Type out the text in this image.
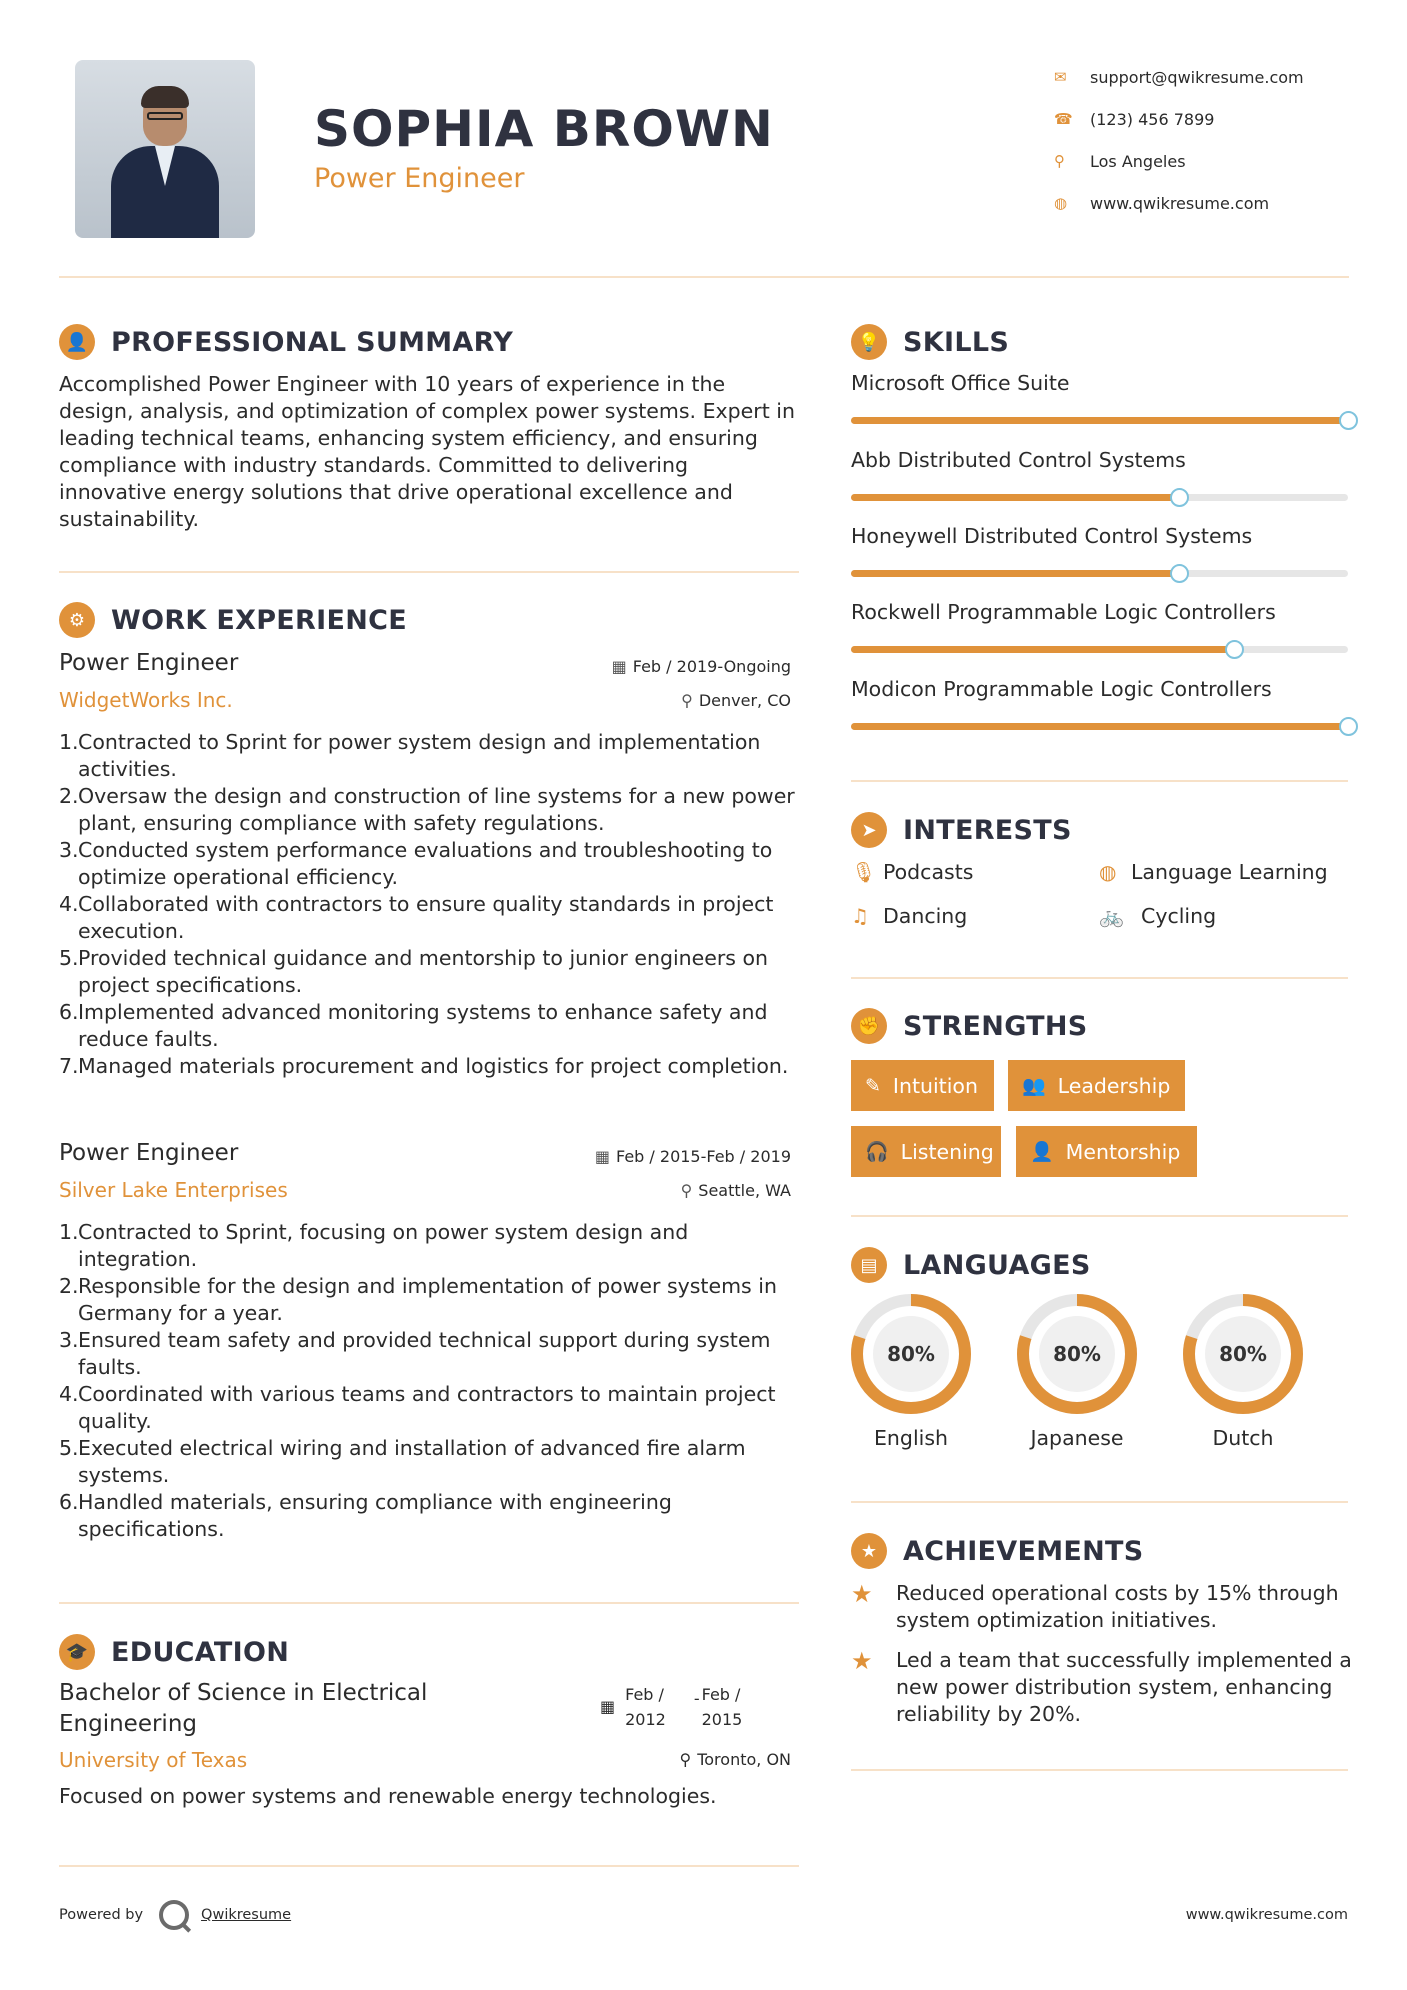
SOPHIA BROWN
Power Engineer
✉	support@qwikresume.com
☎	(123) 456 7899
⚲	Los Angeles
◍	www.qwikresume.com
👤 PROFESSIONAL SUMMARY
Accomplished Power Engineer with 10 years of experience in the design, analysis, and optimization of complex power systems. Expert in leading technical teams, enhancing system efficiency, and ensuring compliance with industry standards. Committed to delivering innovative energy solutions that drive operational excellence and sustainability.
⚙ WORK EXPERIENCE
Power Engineer	▦ Feb / 2019-Ongoing
WidgetWorks Inc.	⚲ Denver, CO
1. Contracted to Sprint for power system design and implementation activities.
2. Oversaw the design and construction of line systems for a new power plant, ensuring compliance with safety regulations.
3. Conducted system performance evaluations and troubleshooting to optimize operational efficiency.
4. Collaborated with contractors to ensure quality standards in project execution.
5. Provided technical guidance and mentorship to junior engineers on project specifications.
6. Implemented advanced monitoring systems to enhance safety and reduce faults.
7. Managed materials procurement and logistics for project completion.
Power Engineer	▦ Feb / 2015-Feb / 2019
Silver Lake Enterprises	⚲ Seattle, WA
1. Contracted to Sprint, focusing on power system design and integration.
2. Responsible for the design and implementation of power systems in Germany for a year.
3. Ensured team safety and provided technical support during system faults.
4. Coordinated with various teams and contractors to maintain project quality.
5. Executed electrical wiring and installation of advanced fire alarm systems.
6. Handled materials, ensuring compliance with engineering specifications.
🎓 EDUCATION
Bachelor of Science in Electrical Engineering
▦
Feb /
2012
- Feb /
2015
University of Texas	⚲ Toronto, ON
Focused on power systems and renewable energy technologies.
💡 SKILLS
Microsoft Office Suite
Abb Distributed Control Systems
Honeywell Distributed Control Systems
Rockwell Programmable Logic Controllers
Modicon Programmable Logic Controllers
➤ INTERESTS
🎙 Podcasts	◍ Language Learning
♫ Dancing	🚲 Cycling
✊ STRENGTHS
✎ Intuition 👥 Leadership
🎧 Listening 👤 Mentorship
▤ LANGUAGES
80%
English
80%
Japanese
80%
Dutch
★ ACHIEVEMENTS
★	Reduced operational costs by 15% through system optimization initiatives.
★	Led a team that successfully implemented a new power distribution system, enhancing reliability by 20%.
Powered by	Qwikresume	www.qwikresume.com
